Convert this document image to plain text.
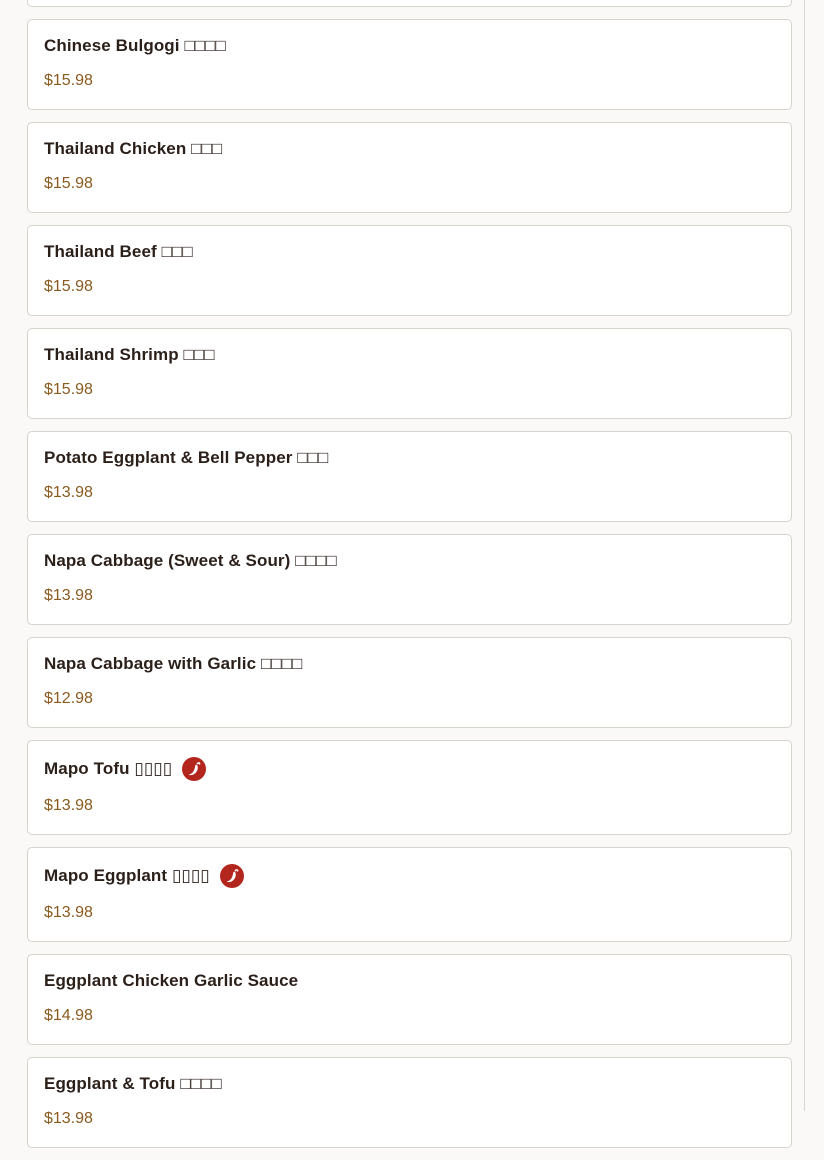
Chinese Bulgogi □□□□
$15.98
Thailand Chicken □□□
$15.98
Thailand Beef □□□
$15.98
Thailand Shrimp □□□
$15.98
Potato Eggplant & Bell Pepper □□□
$13.98
Napa Cabbage (Sweet & Sour) □□□□
$13.98
Napa Cabbage with Garlic □□□□
$12.98
Mapo Tofu ▯▯▯▯
$13.98
Mapo Eggplant ▯▯▯▯
$13.98
Eggplant Chicken Garlic Sauce
$14.98
Eggplant & Tofu □□□□
$13.98
